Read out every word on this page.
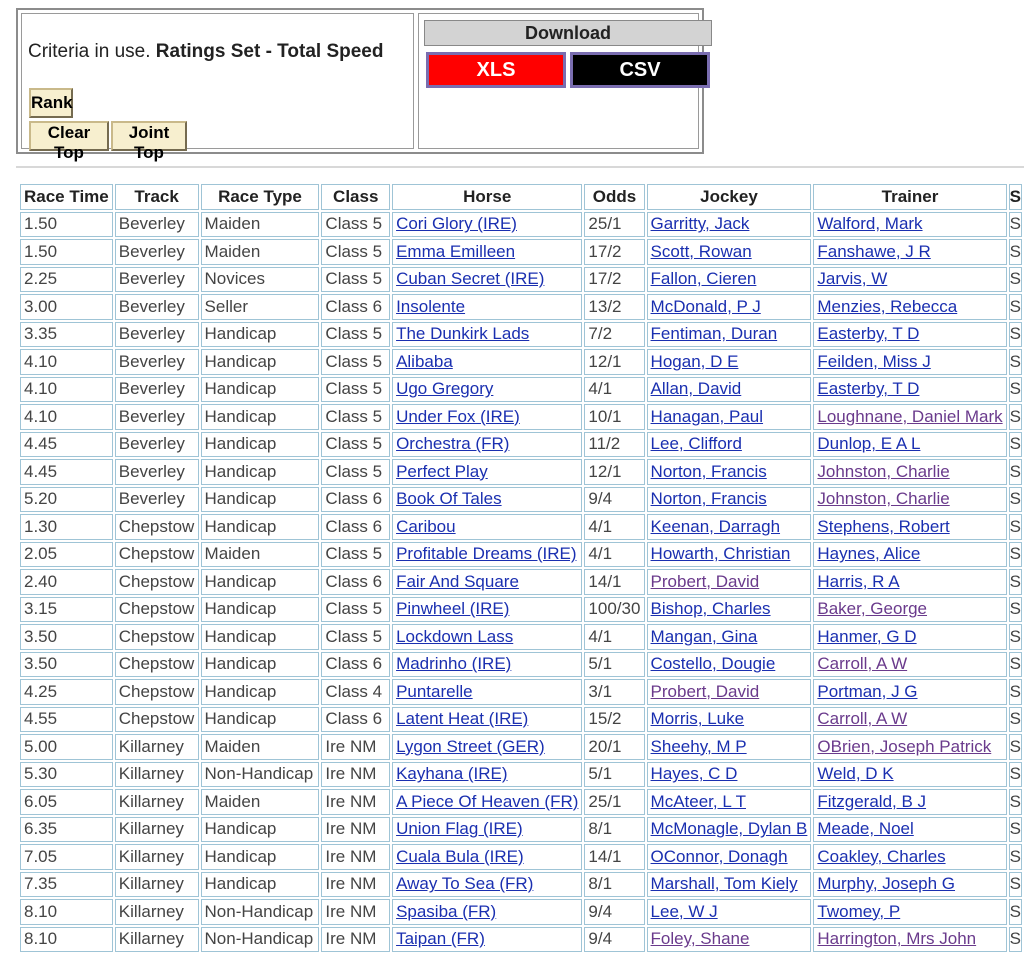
Criteria in use. Ratings Set - Total Speed
Rank
Clear Top
Joint Top
Download
XLS	CSV
Race Time	Track	Race Type	Class	Horse	Odds	Jockey	Trainer	S
1.50	Beverley	Maiden	Class 5	Cori Glory (IRE)	25/1	Garritty, Jack	Walford, Mark	S
1.50	Beverley	Maiden	Class 5	Emma Emilleen	17/2	Scott, Rowan	Fanshawe, J R	S
2.25	Beverley	Novices	Class 5	Cuban Secret (IRE)	17/2	Fallon, Cieren	Jarvis, W	S
3.00	Beverley	Seller	Class 6	Insolente	13/2	McDonald, P J	Menzies, Rebecca	S
3.35	Beverley	Handicap	Class 5	The Dunkirk Lads	7/2	Fentiman, Duran	Easterby, T D	S
4.10	Beverley	Handicap	Class 5	Alibaba	12/1	Hogan, D E	Feilden, Miss J	S
4.10	Beverley	Handicap	Class 5	Ugo Gregory	4/1	Allan, David	Easterby, T D	S
4.10	Beverley	Handicap	Class 5	Under Fox (IRE)	10/1	Hanagan, Paul	Loughnane, Daniel Mark	S
4.45	Beverley	Handicap	Class 5	Orchestra (FR)	11/2	Lee, Clifford	Dunlop, E A L	S
4.45	Beverley	Handicap	Class 5	Perfect Play	12/1	Norton, Francis	Johnston, Charlie	S
5.20	Beverley	Handicap	Class 6	Book Of Tales	9/4	Norton, Francis	Johnston, Charlie	S
1.30	Chepstow	Handicap	Class 6	Caribou	4/1	Keenan, Darragh	Stephens, Robert	S
2.05	Chepstow	Maiden	Class 5	Profitable Dreams (IRE)	4/1	Howarth, Christian	Haynes, Alice	S
2.40	Chepstow	Handicap	Class 6	Fair And Square	14/1	Probert, David	Harris, R A	S
3.15	Chepstow	Handicap	Class 5	Pinwheel (IRE)	100/30	Bishop, Charles	Baker, George	S
3.50	Chepstow	Handicap	Class 5	Lockdown Lass	4/1	Mangan, Gina	Hanmer, G D	S
3.50	Chepstow	Handicap	Class 6	Madrinho (IRE)	5/1	Costello, Dougie	Carroll, A W	S
4.25	Chepstow	Handicap	Class 4	Puntarelle	3/1	Probert, David	Portman, J G	S
4.55	Chepstow	Handicap	Class 6	Latent Heat (IRE)	15/2	Morris, Luke	Carroll, A W	S
5.00	Killarney	Maiden	Ire NM	Lygon Street (GER)	20/1	Sheehy, M P	OBrien, Joseph Patrick	S
5.30	Killarney	Non-Handicap	Ire NM	Kayhana (IRE)	5/1	Hayes, C D	Weld, D K	S
6.05	Killarney	Maiden	Ire NM	A Piece Of Heaven (FR)	25/1	McAteer, L T	Fitzgerald, B J	S
6.35	Killarney	Handicap	Ire NM	Union Flag (IRE)	8/1	McMonagle, Dylan B	Meade, Noel	S
7.05	Killarney	Handicap	Ire NM	Cuala Bula (IRE)	14/1	OConnor, Donagh	Coakley, Charles	S
7.35	Killarney	Handicap	Ire NM	Away To Sea (FR)	8/1	Marshall, Tom Kiely	Murphy, Joseph G	S
8.10	Killarney	Non-Handicap	Ire NM	Spasiba (FR)	9/4	Lee, W J	Twomey, P	S
8.10	Killarney	Non-Handicap	Ire NM	Taipan (FR)	9/4	Foley, Shane	Harrington, Mrs John	S
